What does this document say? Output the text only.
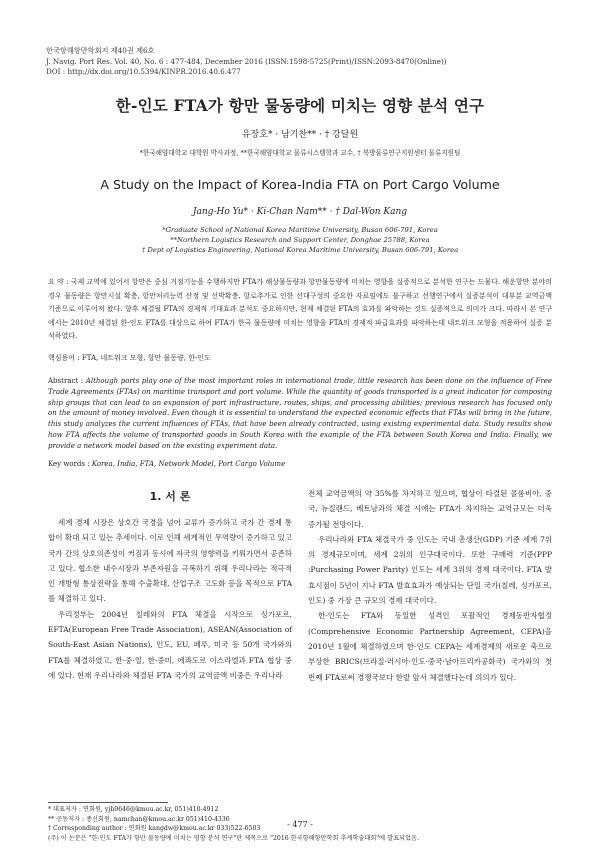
한국항해항만학회지 제40권 제6호
J. Navig. Port Res. Vol. 40, No. 6 : 477-484, December 2016 (ISSN:1598-5725(Print)/ISSN:2093-8470(Online))
DOI : http://dx.doi.org/10.5394/KINPR.2016.40.6.477
한-인도 FTA가 항만 물동량에 미치는 영향 분석 연구
유장호* · 남기찬** · † 강달원
*한국해양대학교 대학원 박사과정, **한국해양대학교 물류시스템학과 교수, † 북방물류연구지원센터 물류지원팀
A Study on the Impact of Korea-India FTA on Port Cargo Volume
Jang-Ho Yu* · Ki-Chan Nam** · † Dal-Won Kang
*Graduate School of National Korea Maritime University, Busan 606-791, Korea
**Northern Logistics Research and Support Center, Donghae 25788, Korea
† Dept of Logistics Engineering, National Korea Maritime University, Busan 606-791, Korea
요 약 : 국제 교역에 있어서 항만은 중심 거점기능을 수행하지만 FTA가 해상물동량과 항만물동량에 미치는 영향을 실증적으로 분석한 연구는 드물다. 해운항만 분야의 경우 물동량은 항만시설 확충, 항만처리능력 산정 및 선박확충, 항로추가로 인한 선대구성의 중요한 자료임에도 불구하고 선행연구에서 실증분석이 대부분 교역금액 기준으로 이루어져 왔다. 향후 체결될 FTA의 경제적 기대효과 분석도 중요하지만, 현재 체결된 FTA의 효과를 파악하는 것도 실증적으로 의미가 크다. 따라서 본 연구에서는 2010년 체결된 한-인도 FTA를 대상으로 하여 FTA가 한국 물동량에 미치는 영향을 FTA의 경제적 파급효과를 파악하는데 네트워크 모형을 적용하여 실증 분석하였다.
핵심용어 : FTA, 네트워크 모형, 항만 물동량, 한-인도
Abstract : Although ports play one of the most important roles in international trade, little research has been done on the influence of Free Trade Agreements (FTAs) on maritime transport and port volume. While the quantity of goods transported is a great indicator for composing ship groups that can lead to an expansion of port infrastructure, routes, ships, and processing abilities; previous research has focused only on the amount of money involved. Even though it is essential to understand the expected economic effects that FTAs will bring in the future, this study analyzes the current influences of FTAs, that have been already contracted, using existing experimental data. Study results show how FTA affects the volume of transported goods in South Korea with the example of the FTA between South Korea and India. Finally, we provide a network model based on the existing experiment data.
Key words : Korea, India, FTA, Network Model, Port Cargo Volume
1. 서 론

세계 경제 시장은 상호간 국경을 넘어 교류가 증가하고 국가 간 경제 통합이 확대 되고 있는 추세이다. 이로 인해 세계적인 무역량이 증가하고 있고 국가 간의 상호의존성이 커짐과 동시에 자국의 영향력을 키워가면서 공존하고 있다. 협소한 내수시장과 부존자원을 극복하기 위해 우리나라는 적극적인 개방형 통상전략을 통해 수출확대, 산업구조 고도화 등을 목적으로 FTA를 체결하고 있다.

우리정부는 2004년 칠레와의 FTA 체결을 시작으로 싱가포르, EFTA(European Free Trade Association), ASEAN(Association of South-East Asian Nations), 인도, EU, 페루, 미국 등 50개 국가와의 FTA를 체결하였고, 한-중-일, 한-중미, 에콰도르 이스라엘과 FTA 협상 중에 있다. 현재 우리나라와 체결된 FTA 국가의 교역금액 비중은 우리나라

전체 교역금액의 약 35%를 차지하고 있으며, 협상이 타결된 콜롬비아, 중국, 뉴질랜드, 베트남과의 체결 시에는 FTA가 차지하는 교역규모는 더욱 증가될 전망이다.

우리나라와 FTA 체결국가 중 인도는 국내 총생산(GDP) 기준 세계 7위의 경제규모이며, 세계 2위의 인구대국이다. 또한 구매력 기준(PPP :Purchasing Power Parity) 인도는 세계 3위의 경제 대국이다. FTA 발효시점이 5년이 지나 FTA 발효효과가 예상되는 단일 국가(칠레, 싱가포르, 인도) 중 가장 큰 규모의 경제 대국이다.

한-인도는 FTA와 동일한 성격인 포괄적인 경제동반자협정(Comprehensive Economic Partnership Agreement, CEPA)을 2010년 1월에 체결하였으며 한-인도 CEPA는 세계경제의 새로운 축으로 부상한 BRICS(브라질·러시아·인도·중국·남아프리카공화국) 국가와의 첫 번째 FTA로써 경쟁국보다 한발 앞서 체결했다는데 의의가 있다.

* 대표저자 : 연회원, yjh9646@kmou.ac.kr, 051)410-4912
** 공동저자 : 종신회원, namchan@kmou.ac.kr 051)410-4336
† Corresponding author : 연회원 kangdw@kmou.ac.kr 033)522-6503
(주) 이 논문은 "한-인도 FTA가 항만 물동량에 미치는 영향 분석 연구"란 제목으로 "2016 한국항해항만학회 추계학술대회"에 발표되었음.
- 477 -
